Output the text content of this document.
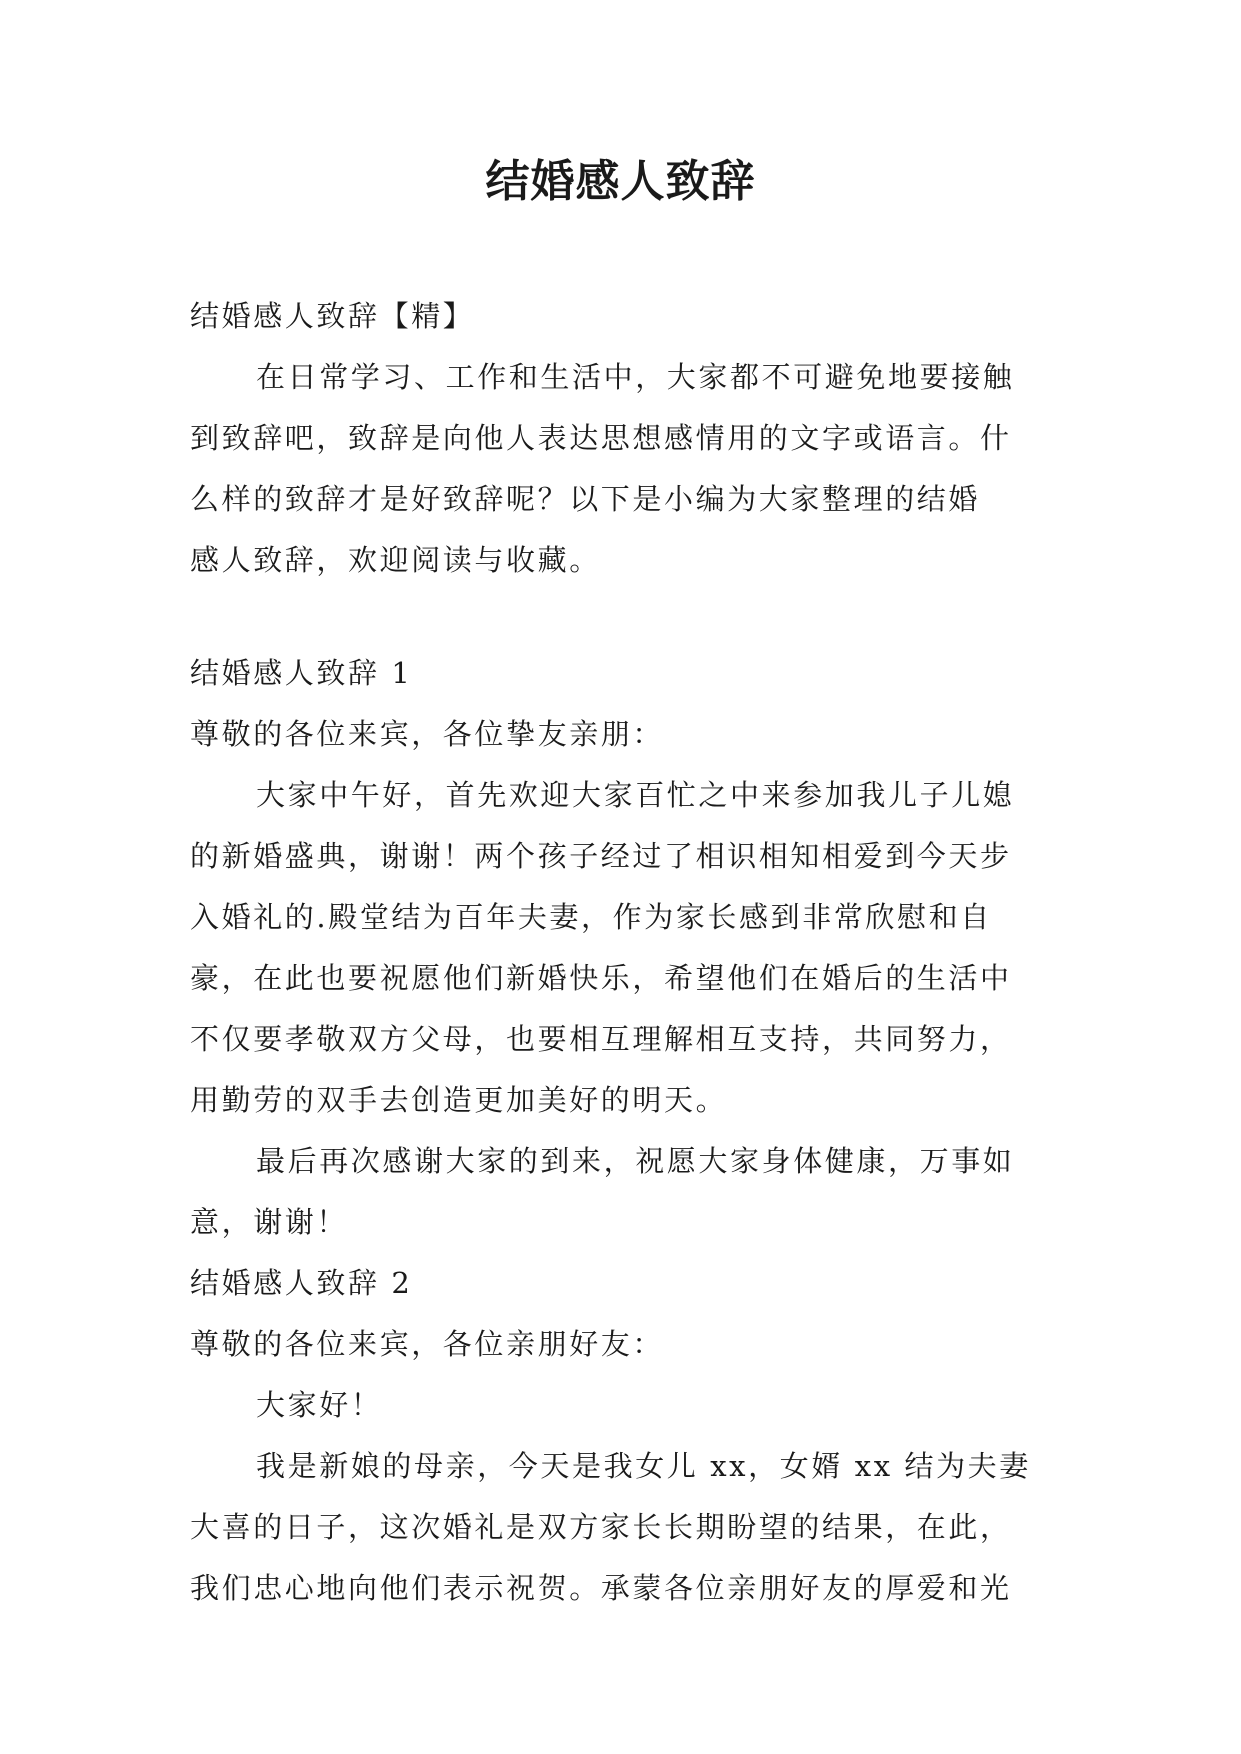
结婚感人致辞
结婚感人致辞【精】
在日常学习、工作和生活中，大家都不可避免地要接触
到致辞吧，致辞是向他人表达思想感情用的文字或语言。什
么样的致辞才是好致辞呢？以下是小编为大家整理的结婚
感人致辞，欢迎阅读与收藏。
结婚感人致辞 1
尊敬的各位来宾，各位挚友亲朋：
大家中午好，首先欢迎大家百忙之中来参加我儿子儿媳
的新婚盛典，谢谢！两个孩子经过了相识相知相爱到今天步
入婚礼的.殿堂结为百年夫妻，作为家长感到非常欣慰和自
豪，在此也要祝愿他们新婚快乐，希望他们在婚后的生活中
不仅要孝敬双方父母，也要相互理解相互支持，共同努力，
用勤劳的双手去创造更加美好的明天。
最后再次感谢大家的到来，祝愿大家身体健康，万事如
意，谢谢！
结婚感人致辞 2
尊敬的各位来宾，各位亲朋好友：
大家好！
我是新娘的母亲，今天是我女儿 xx，女婿 xx 结为夫妻
大喜的日子，这次婚礼是双方家长长期盼望的结果，在此，
我们忠心地向他们表示祝贺。承蒙各位亲朋好友的厚爱和光
